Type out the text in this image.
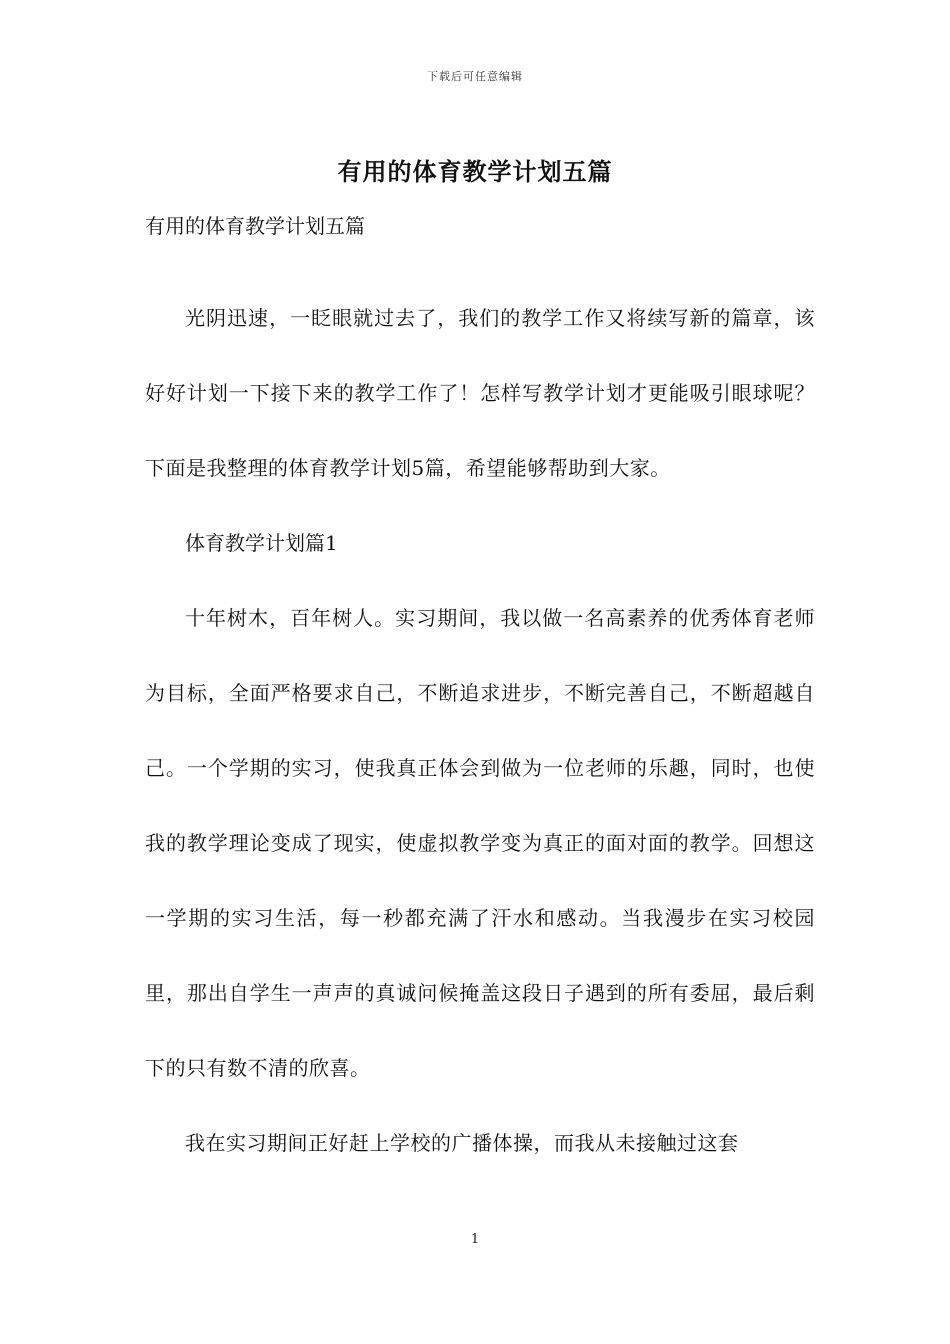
下载后可任意编辑
有用的体育教学计划五篇

有用的体育教学计划五篇

光阴迅速，一眨眼就过去了，我们的教学工作又将续写新的篇章，该好好计划一下接下来的教学工作了！怎样写教学计划才更能吸引眼球呢？下面是我整理的体育教学计划5篇，希望能够帮助到大家。

体育教学计划篇1

十年树木，百年树人。实习期间，我以做一名高素养的优秀体育老师为目标，全面严格要求自己，不断追求进步，不断完善自己，不断超越自己。一个学期的实习，使我真正体会到做为一位老师的乐趣，同时，也使我的教学理论变成了现实，使虚拟教学变为真正的面对面的教学。回想这一学期的实习生活，每一秒都充满了汗水和感动。当我漫步在实习校园里，那出自学生一声声的真诚问候掩盖这段日子遇到的所有委屈，最后剩下的只有数不清的欣喜。

我在实习期间正好赶上学校的广播体操，而我从未接触过这套

1
